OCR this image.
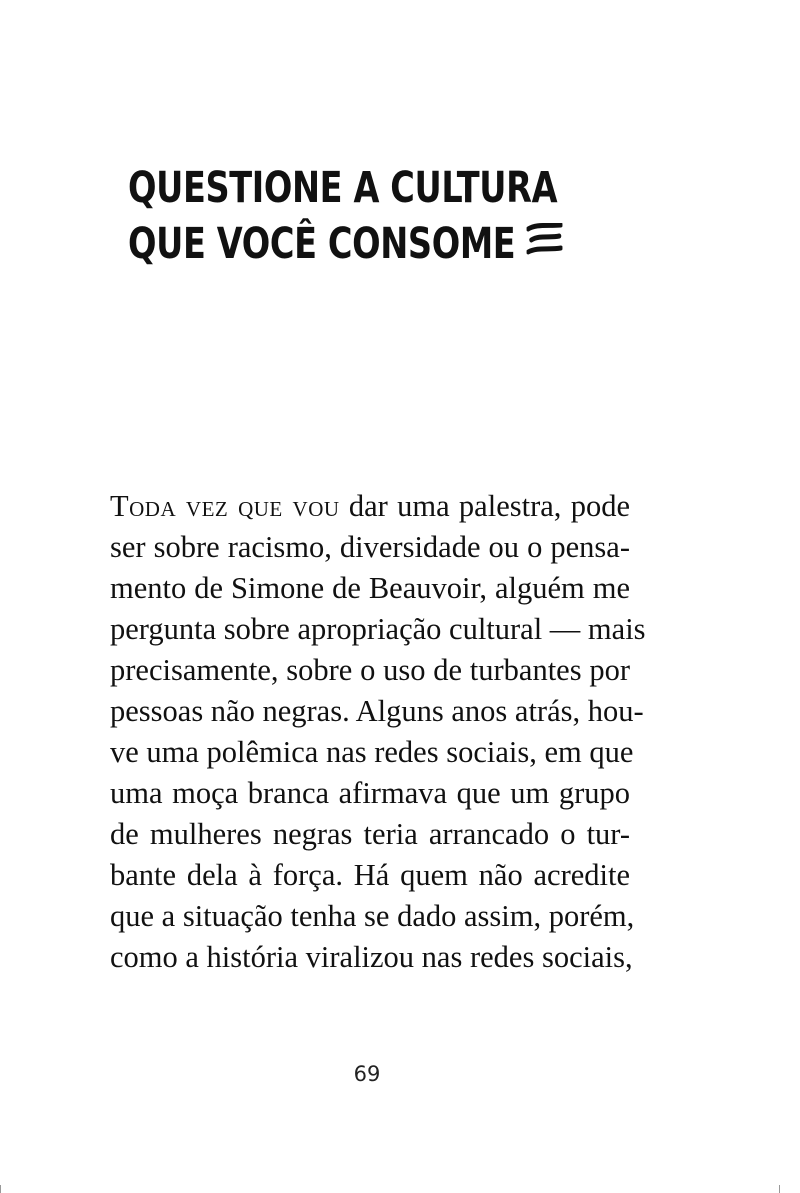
QUESTIONE A CULTURA
QUE VOCÊ CONSOME
Toda vez que vou dar uma palestra, pode
ser sobre racismo, diversidade ou o pensa-
mento de Simone de Beauvoir, alguém me
pergunta sobre apropriação cultural — mais
precisamente, sobre o uso de turbantes por
pessoas não negras. Alguns anos atrás, hou-
ve uma polêmica nas redes sociais, em que
uma moça branca afirmava que um grupo
de mulheres negras teria arrancado o tur-
bante dela à força. Há quem não acredite
que a situação tenha se dado assim, porém,
como a história viralizou nas redes sociais,
69
